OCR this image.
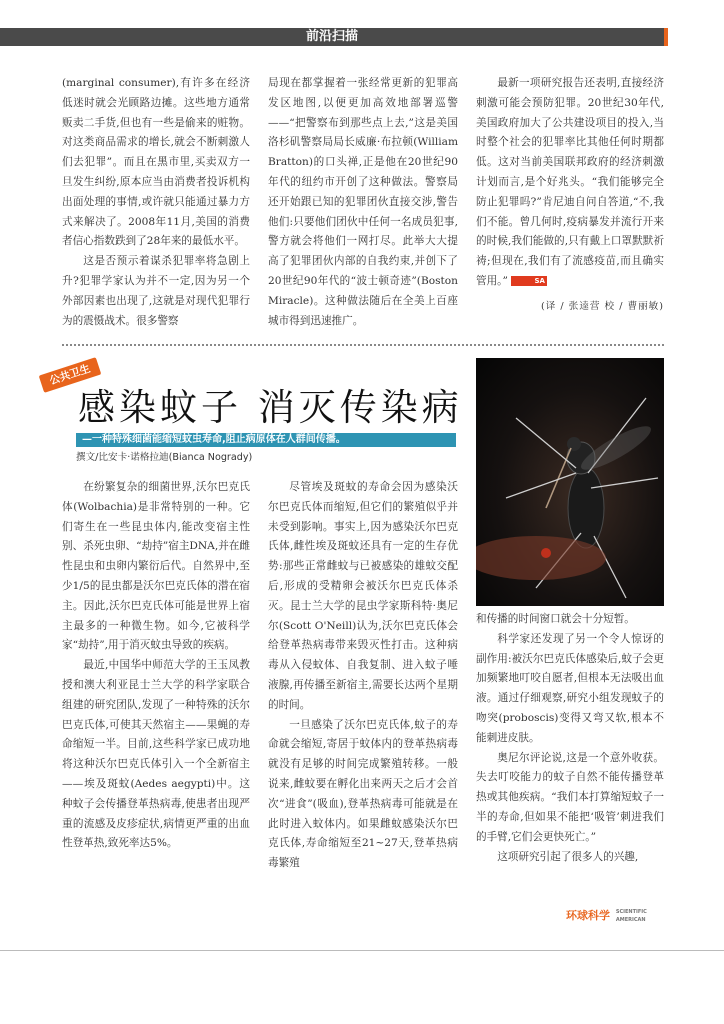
前沿扫描

(marginal consumer),有许多在经济低迷时就会光顾路边摊。这些地方通常贩卖二手货,但也有一些是偷来的赃物。对这类商品需求的增长,就会不断刺激人们去犯罪”。而且在黑市里,买卖双方一旦发生纠纷,原本应当由消费者投诉机构出面处理的事情,或许就只能通过暴力方式来解决了。2008年11月,美国的消费者信心指数跌到了28年来的最低水平。

这是否预示着谋杀犯罪率将急剧上升?犯罪学家认为并不一定,因为另一个外部因素也出现了,这就是对现代犯罪行为的震慑战术。很多警察

局现在都掌握着一张经常更新的犯罪高发区地图,以便更加高效地部署巡警——“把警察布到那些点上去,”这是美国洛杉矶警察局局长威廉·布拉顿(William Bratton)的口头禅,正是他在20世纪90年代的纽约市开创了这种做法。警察局还开始跟已知的犯罪团伙直接交涉,警告他们:只要他们团伙中任何一名成员犯事,警方就会将他们一网打尽。此举大大提高了犯罪团伙内部的自我约束,并创下了20世纪90年代的“波士顿奇迹”(Boston Miracle)。这种做法随后在全美上百座城市得到迅速推广。

最新一项研究报告还表明,直接经济刺激可能会预防犯罪。20世纪30年代,美国政府加大了公共建设项目的投入,当时整个社会的犯罪率比其他任何时期都低。这对当前美国联邦政府的经济刺激计划而言,是个好兆头。“我们能够完全防止犯罪吗?”肯尼迪自问自答道,“不,我们不能。曾几何时,疫病暴发并流行开来的时候,我们能做的,只有戴上口罩默默祈祷;但现在,我们有了流感疫苗,而且确实管用。”	SA

(译 / 张逵营 校 / 曹丽敏)
公共卫生
感染蚊子 消灭传染病
—一种特殊细菌能缩短蚊虫寿命,阻止病原体在人群间传播。
撰文/比安卡·诺格拉迪(Bianca Nogrady)

在纷繁复杂的细菌世界,沃尔巴克氏体(Wolbachia)是非常特别的一种。它们寄生在一些昆虫体内,能改变宿主性别、杀死虫卵、“劫持”宿主DNA,并在雌性昆虫和虫卵内繁衍后代。自然界中,至少1/5的昆虫都是沃尔巴克氏体的潜在宿主。因此,沃尔巴克氏体可能是世界上宿主最多的一种微生物。如今,它被科学家“劫持”,用于消灭蚊虫导致的疾病。

最近,中国华中师范大学的王玉凤教授和澳大利亚昆士兰大学的科学家联合组建的研究团队,发现了一种特殊的沃尔巴克氏体,可使其天然宿主——果蝇的寿命缩短一半。目前,这些科学家已成功地将这种沃尔巴克氏体引入一个全新宿主——埃及斑蚊(Aedes aegypti)中。这种蚊子会传播登革热病毒,使患者出现严重的流感及皮疹症状,病情更严重的出血性登革热,致死率达5%。

尽管埃及斑蚊的寿命会因为感染沃尔巴克氏体而缩短,但它们的繁殖似乎并未受到影响。事实上,因为感染沃尔巴克氏体,雌性埃及斑蚊还具有一定的生存优势:那些正常雌蚊与已被感染的雄蚊交配后,形成的受精卵会被沃尔巴克氏体杀灭。昆士兰大学的昆虫学家斯科特·奥尼尔(Scott O'Neill)认为,沃尔巴克氏体会给登革热病毒带来毁灭性打击。这种病毒从入侵蚊体、自我复制、进入蚊子唾液腺,再传播至新宿主,需要长达两个星期的时间。

一旦感染了沃尔巴克氏体,蚊子的寿命就会缩短,寄居于蚊体内的登革热病毒就没有足够的时间完成繁殖转移。一般说来,雌蚊要在孵化出来两天之后才会首次“进食”(吸血),登革热病毒可能就是在此时进入蚊体内。如果雌蚊感染沃尔巴克氏体,寿命缩短至21~27天,登革热病毒繁殖

和传播的时间窗口就会十分短暂。

科学家还发现了另一个令人惊讶的副作用:被沃尔巴克氏体感染后,蚊子会更加频繁地叮咬自愿者,但根本无法吸出血液。通过仔细观察,研究小组发现蚊子的吻突(proboscis)变得又弯又软,根本不能刺进皮肤。

奥尼尔评论说,这是一个意外收获。失去叮咬能力的蚊子自然不能传播登革热或其他疾病。“我们本打算缩短蚊子一半的寿命,但如果不能把‘吸管’刺进我们的手臂,它们会更快死亡。”

这项研究引起了很多人的兴趣,

环球科学 SCIENTIFIC AMERICAN
